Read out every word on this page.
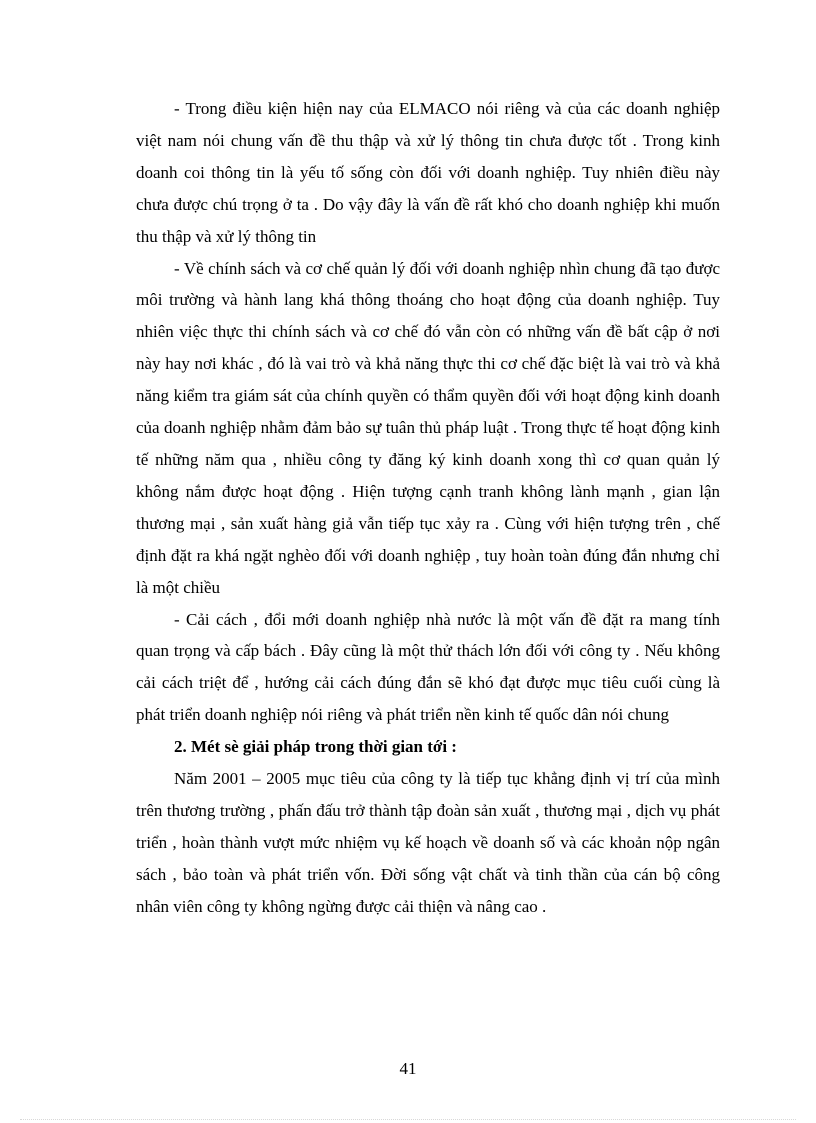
- Trong điều kiện hiện nay của ELMACO nói riêng và của các doanh nghiệp việt nam nói chung vấn đề thu thập và xử lý thông tin chưa được tốt . Trong kinh doanh coi thông tin là yếu tố sống còn đối với doanh nghiệp. Tuy nhiên điều này chưa được chú trọng ở ta . Do vậy đây là vấn đề rất khó cho doanh nghiệp khi muốn thu thập và xử lý thông tin

- Về chính sách và cơ chế quản lý đối với doanh nghiệp nhìn chung đã tạo được môi trường và hành lang khá thông thoáng cho hoạt động của doanh nghiệp. Tuy nhiên việc thực thi chính sách và cơ chế đó vẫn còn có những vấn đề bất cập ở nơi này hay nơi khác , đó là vai trò và khả năng thực thi cơ chế đặc biệt là vai trò và khả năng kiểm tra giám sát của chính quyền có thẩm quyền đối với hoạt động kinh doanh của doanh nghiệp nhằm đảm bảo sự tuân thủ pháp luật . Trong thực tế hoạt động kinh tế những năm qua , nhiều công ty đăng ký kinh doanh xong thì cơ quan quản lý không nắm được hoạt động . Hiện tượng cạnh tranh không lành mạnh , gian lận thương mại , sản xuất hàng giả vẫn tiếp tục xảy ra . Cùng với hiện tượng trên , chế định đặt ra khá ngặt nghèo đối với doanh nghiệp , tuy hoàn toàn đúng đắn nhưng chỉ là một chiều

- Cải cách , đổi mới doanh nghiệp nhà nước là một vấn đề đặt ra mang tính quan trọng và cấp bách . Đây cũng là một thử thách lớn đối với công ty . Nếu không cải cách triệt để , hướng cải cách đúng đắn sẽ khó đạt được mục tiêu cuối cùng là phát triển doanh nghiệp nói riêng và phát triển nền kinh tế quốc dân nói chung

2. Mét sè giải pháp trong thời gian tới :

Năm 2001 – 2005 mục tiêu của công ty là tiếp tục khẳng định vị trí của mình trên thương trường , phấn đấu trở thành tập đoàn sản xuất , thương mại , dịch vụ phát triển , hoàn thành vượt mức nhiệm vụ kế hoạch về doanh số và các khoản nộp ngân sách , bảo toàn và phát triển vốn. Đời sống vật chất và tinh thần của cán bộ công nhân viên công ty không ngừng được cải thiện và nâng cao .

41
